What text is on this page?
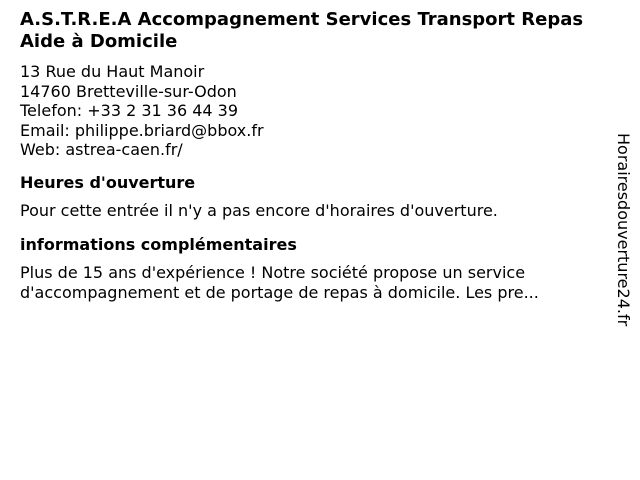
A.S.T.R.E.A Accompagnement Services Transport Repas Aide à Domicile

13 Rue du Haut Manoir

14760 Bretteville-sur-Odon

Telefon: +33 2 31 36 44 39

Email: philippe.briard@bbox.fr

Web: astrea-caen.fr/

Heures d'ouverture

Pour cette entrée il n'y a pas encore d'horaires d'ouverture.

informations complémentaires

Plus de 15 ans d'expérience ! Notre société propose un service d'accompagnement et de portage de repas à domicile. Les pre...	Horairesdouverture24.fr
